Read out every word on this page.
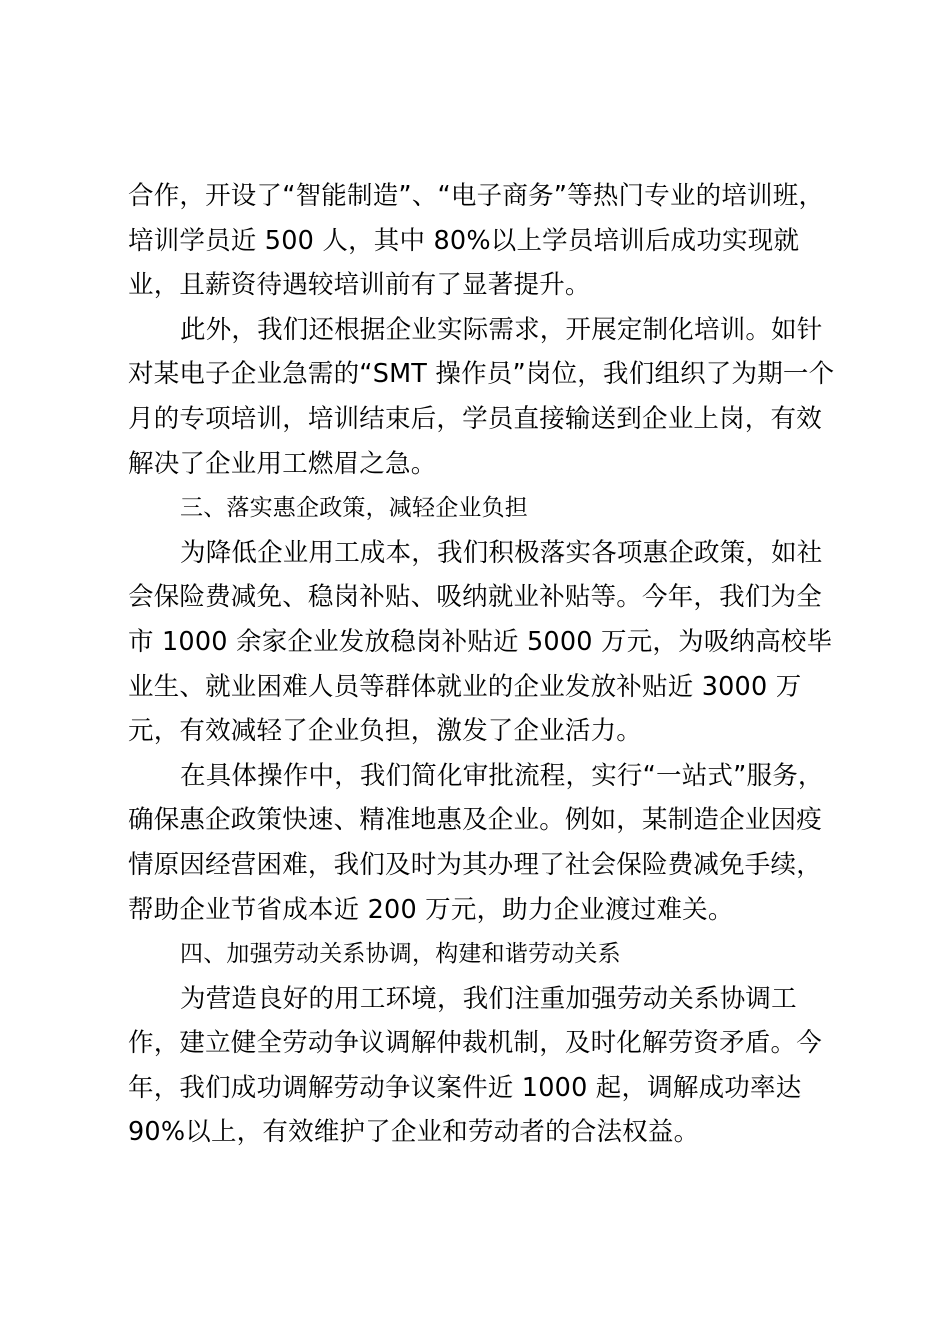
合作，开设了“智能制造”、“电子商务”等热门专业的培训班，
培训学员近 500 人，其中 80%以上学员培训后成功实现就
业，且薪资待遇较培训前有了显著提升。
此外，我们还根据企业实际需求，开展定制化培训。如针
对某电子企业急需的“SMT 操作员”岗位，我们组织了为期一个
月的专项培训，培训结束后，学员直接输送到企业上岗，有效
解决了企业用工燃眉之急。
三、落实惠企政策，减轻企业负担
为降低企业用工成本，我们积极落实各项惠企政策，如社
会保险费减免、稳岗补贴、吸纳就业补贴等。今年，我们为全
市 1000 余家企业发放稳岗补贴近 5000 万元，为吸纳高校毕
业生、就业困难人员等群体就业的企业发放补贴近 3000 万
元，有效减轻了企业负担，激发了企业活力。
在具体操作中，我们简化审批流程，实行“一站式”服务，
确保惠企政策快速、精准地惠及企业。例如，某制造企业因疫
情原因经营困难，我们及时为其办理了社会保险费减免手续，
帮助企业节省成本近 200 万元，助力企业渡过难关。
四、加强劳动关系协调，构建和谐劳动关系
为营造良好的用工环境，我们注重加强劳动关系协调工
作，建立健全劳动争议调解仲裁机制，及时化解劳资矛盾。今
年，我们成功调解劳动争议案件近 1000 起，调解成功率达
90%以上，有效维护了企业和劳动者的合法权益。
